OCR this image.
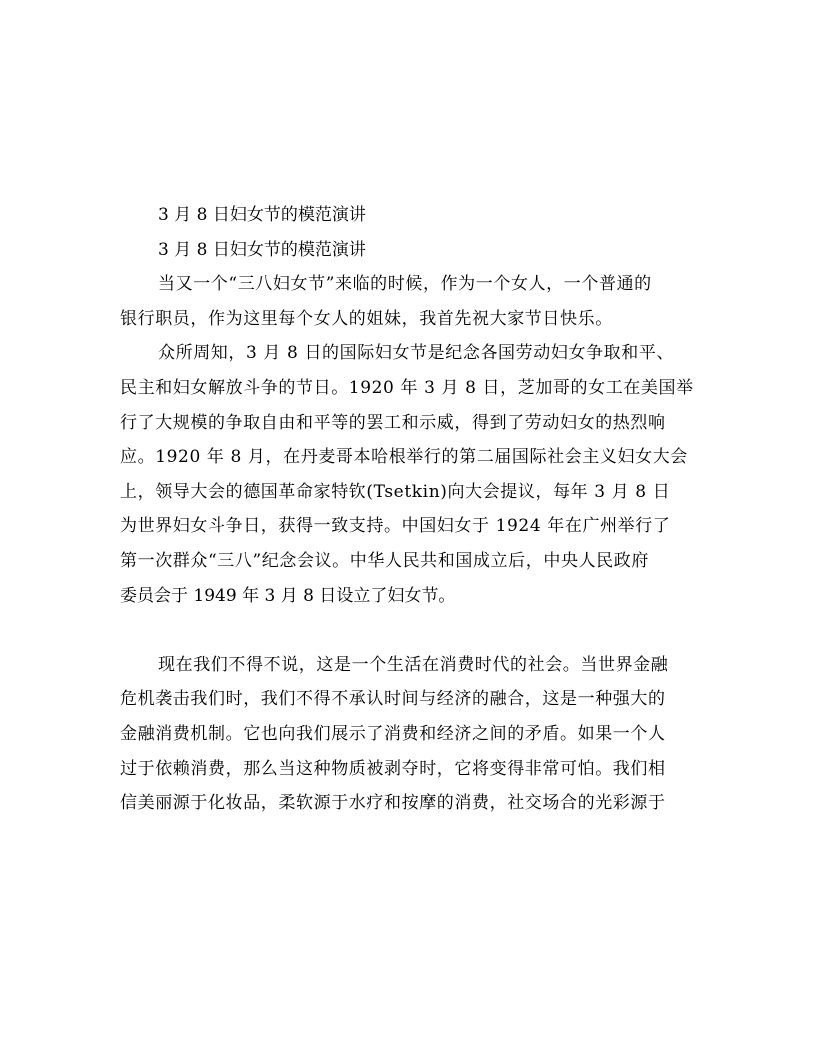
3 月 8 日妇女节的模范演讲
3 月 8 日妇女节的模范演讲
当又一个“三八妇女节”来临的时候，作为一个女人，一个普通的
银行职员，作为这里每个女人的姐妹，我首先祝大家节日快乐。
众所周知，3 月 8 日的国际妇女节是纪念各国劳动妇女争取和平、
民主和妇女解放斗争的节日。1920 年 3 月 8 日，芝加哥的女工在美国举
行了大规模的争取自由和平等的罢工和示威，得到了劳动妇女的热烈响
应。1920 年 8 月，在丹麦哥本哈根举行的第二届国际社会主义妇女大会
上，领导大会的德国革命家特钦(Tsetkin)向大会提议，每年 3 月 8 日
为世界妇女斗争日，获得一致支持。中国妇女于 1924 年在广州举行了
第一次群众“三八”纪念会议。中华人民共和国成立后，中央人民政府
委员会于 1949 年 3 月 8 日设立了妇女节。
现在我们不得不说，这是一个生活在消费时代的社会。当世界金融
危机袭击我们时，我们不得不承认时间与经济的融合，这是一种强大的
金融消费机制。它也向我们展示了消费和经济之间的矛盾。如果一个人
过于依赖消费，那么当这种物质被剥夺时，它将变得非常可怕。我们相
信美丽源于化妆品，柔软源于水疗和按摩的消费，社交场合的光彩源于
